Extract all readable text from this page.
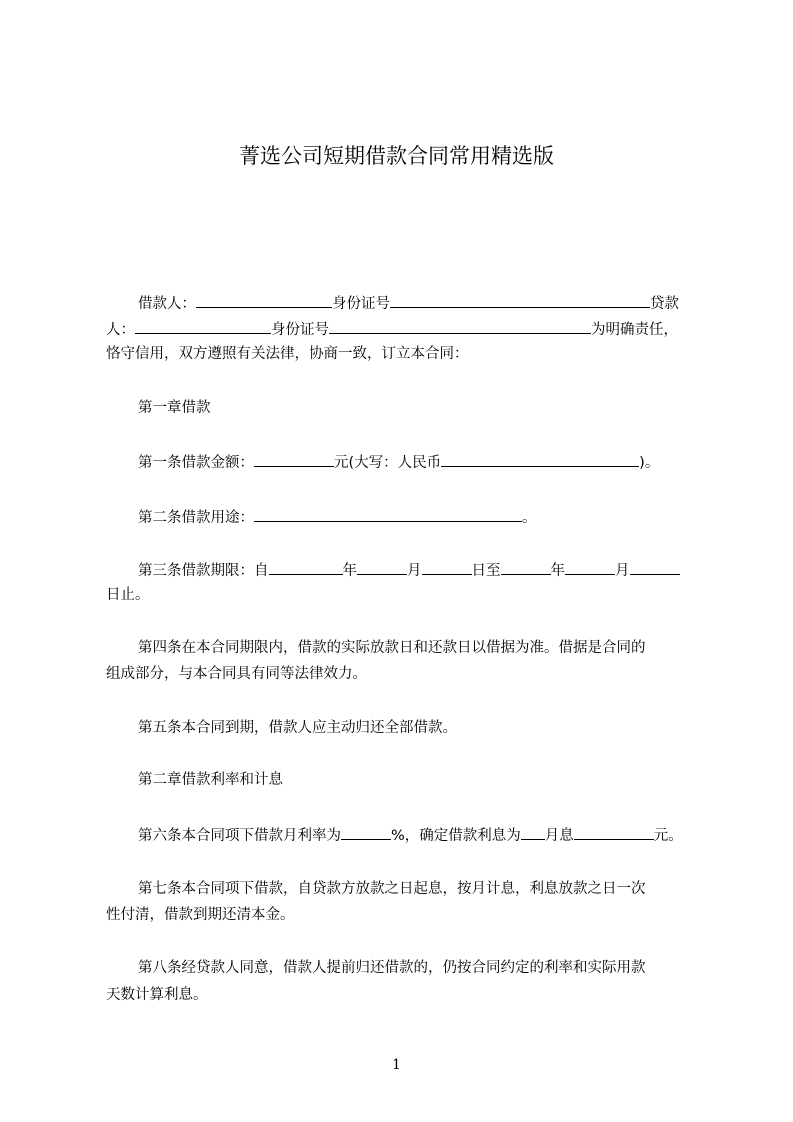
菁选公司短期借款合同常用精选版
借款人：	身份证号	贷款
人：	身份证号	为明确责任，
恪守信用，双方遵照有关法律，协商一致，订立本合同：
第一章借款
第一条借款金额：	元(大写：人民币	)。
第二条借款用途：	。
第三条借款期限：自	年	月	日至	年	月
日止。
第四条在本合同期限内，借款的实际放款日和还款日以借据为准。借据是合同的
组成部分，与本合同具有同等法律效力。
第五条本合同到期，借款人应主动归还全部借款。
第二章借款利率和计息
第六条本合同项下借款月利率为	%，确定借款利息为 月息	元。
第七条本合同项下借款，自贷款方放款之日起息，按月计息，利息放款之日一次
性付清，借款到期还清本金。
第八条经贷款人同意，借款人提前归还借款的，仍按合同约定的利率和实际用款
天数计算利息。
1
